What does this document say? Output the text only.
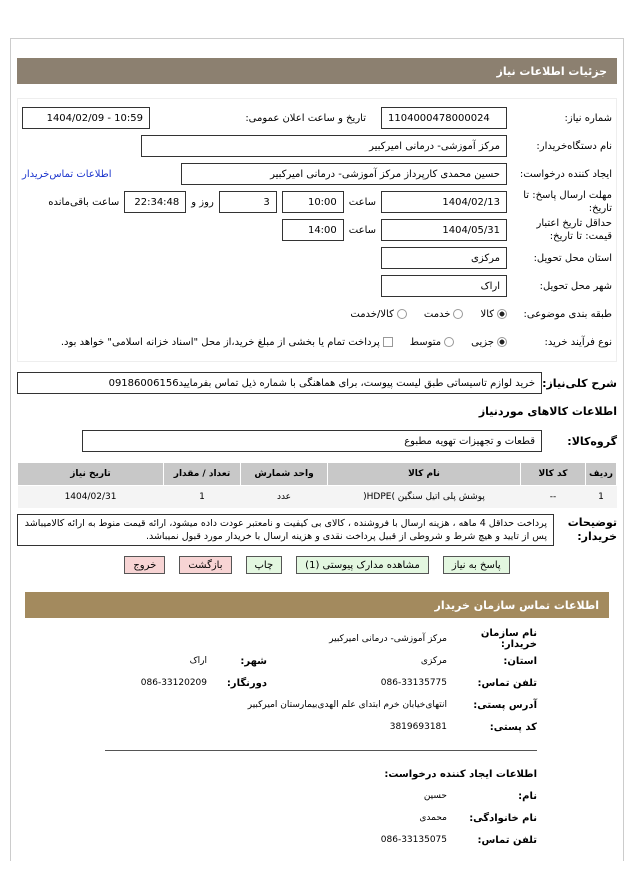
جزئیات اطلاعات نیاز
شماره نیاز:
1104000478000024
تاریخ و ساعت اعلان عمومی:
1404/02/09 - 10:59
نام دستگاه‌خریدار:
مرکز آموزشی- درمانی امیرکبیر
ایجاد کننده درخواست:
حسین محمدی کارپرداز مرکز آموزشی- درمانی امیرکبیر
اطلاعات تماس‌خریدار
مهلت ارسال پاسخ: تا تاریخ:
1404/02/13
ساعت
10:00
3
روز و
22:34:48
ساعت باقی‌مانده
حداقل تاریخ اعتبار قیمت: تا تاریخ:
1404/05/31
ساعت
14:00
استان محل تحویل:
مرکزی
شهر محل تحویل:
اراک
طبقه بندی موضوعی:
کالا
خدمت
کالا/خدمت
نوع فرآیند خرید:
جزیی
متوسط
پرداخت تمام یا بخشی از مبلغ خرید،از محل "اسناد خزانه اسلامی" خواهد بود.
شرح کلی‌نیاز:
خرید لوازم تاسیساتی طبق لیست پیوست، برای هماهنگی با شماره ذیل تماس بفرمایید09186006156
اطلاعات کالاهای موردنیاز
گروه‌کالا:
قطعات و تجهیزات تهویه مطبوع
ردیف	کد کالا	نام کالا	واحد شمارش	تعداد / مقدار	تاریخ نیاز
1	--	پوشش پلی اتیل سنگین )HDPE(	عدد	1	1404/02/31
توضیحات خریدار:
پرداخت حداقل 4 ماهه ، هزینه ارسال با فروشنده ، کالای بی کیفیت و نامعتبر عودت داده میشود، ارائه قیمت منوط به ارائه کالامیباشد پس از تایید و هیچ شرط و شروطی از قبیل پرداخت نقدی و هزینه ارسال با خریدار مورد قبول نمیباشد.
پاسخ به نیاز
مشاهده مدارک پیوستی (1)
چاپ
بازگشت
خروج
اطلاعات تماس سازمان خریدار
نام سازمان خریدار:
مرکز آموزشی- درمانی امیرکبیر
استان:
مرکزی
شهر:
اراک
تلفن تماس:
086-33135775
دورنگار:
086-33120209
آدرس پستی:
انتهای‌خیابان خرم ابتدای علم الهدی‌بیمارستان امیرکبیر
کد پستی:
3819693181
اطلاعات ایجاد کننده درخواست:
نام:
حسین
نام خانوادگی:
محمدی
تلفن تماس:
086-33135075
